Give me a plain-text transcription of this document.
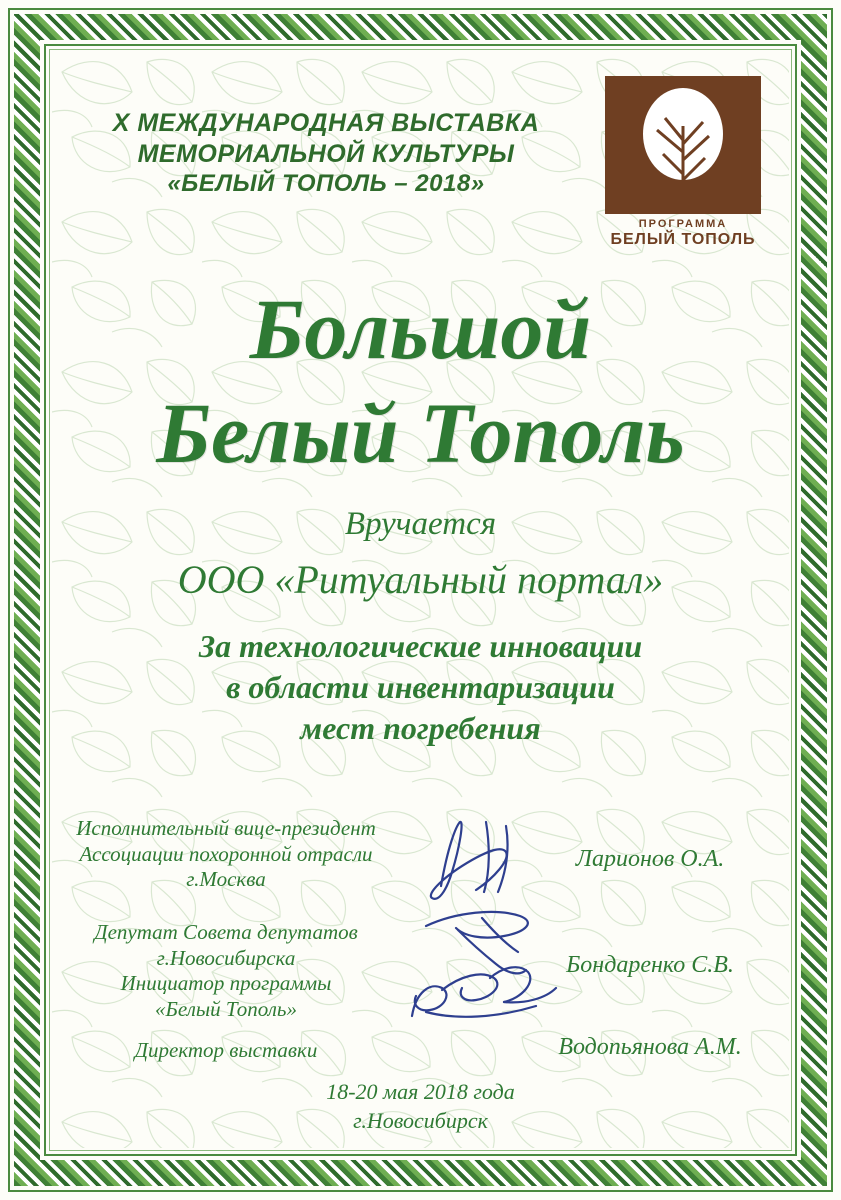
ПРОГРАММА
БЕЛЫЙ ТОПОЛЬ
X МЕЖДУНАРОДНАЯ ВЫСТАВКА
МЕМОРИАЛЬНОЙ КУЛЬТУРЫ
«БЕЛЫЙ ТОПОЛЬ – 2018»
Большой
Белый Тополь
Вручается
ООО «Ритуальный портал»
За технологические инновации
в области инвентаризации
мест погребения
Исполнительный вице-президент
Ассоциации похоронной отрасли
г.Москва
Ларионов О.А.
Депутат Совета депутатов
г.Новосибирска
Инициатор программы
«Белый Тополь»
Бондаренко С.В.
Директор выставки	Водопьянова А.М.
18-20 мая 2018 года
г.Новосибирск
